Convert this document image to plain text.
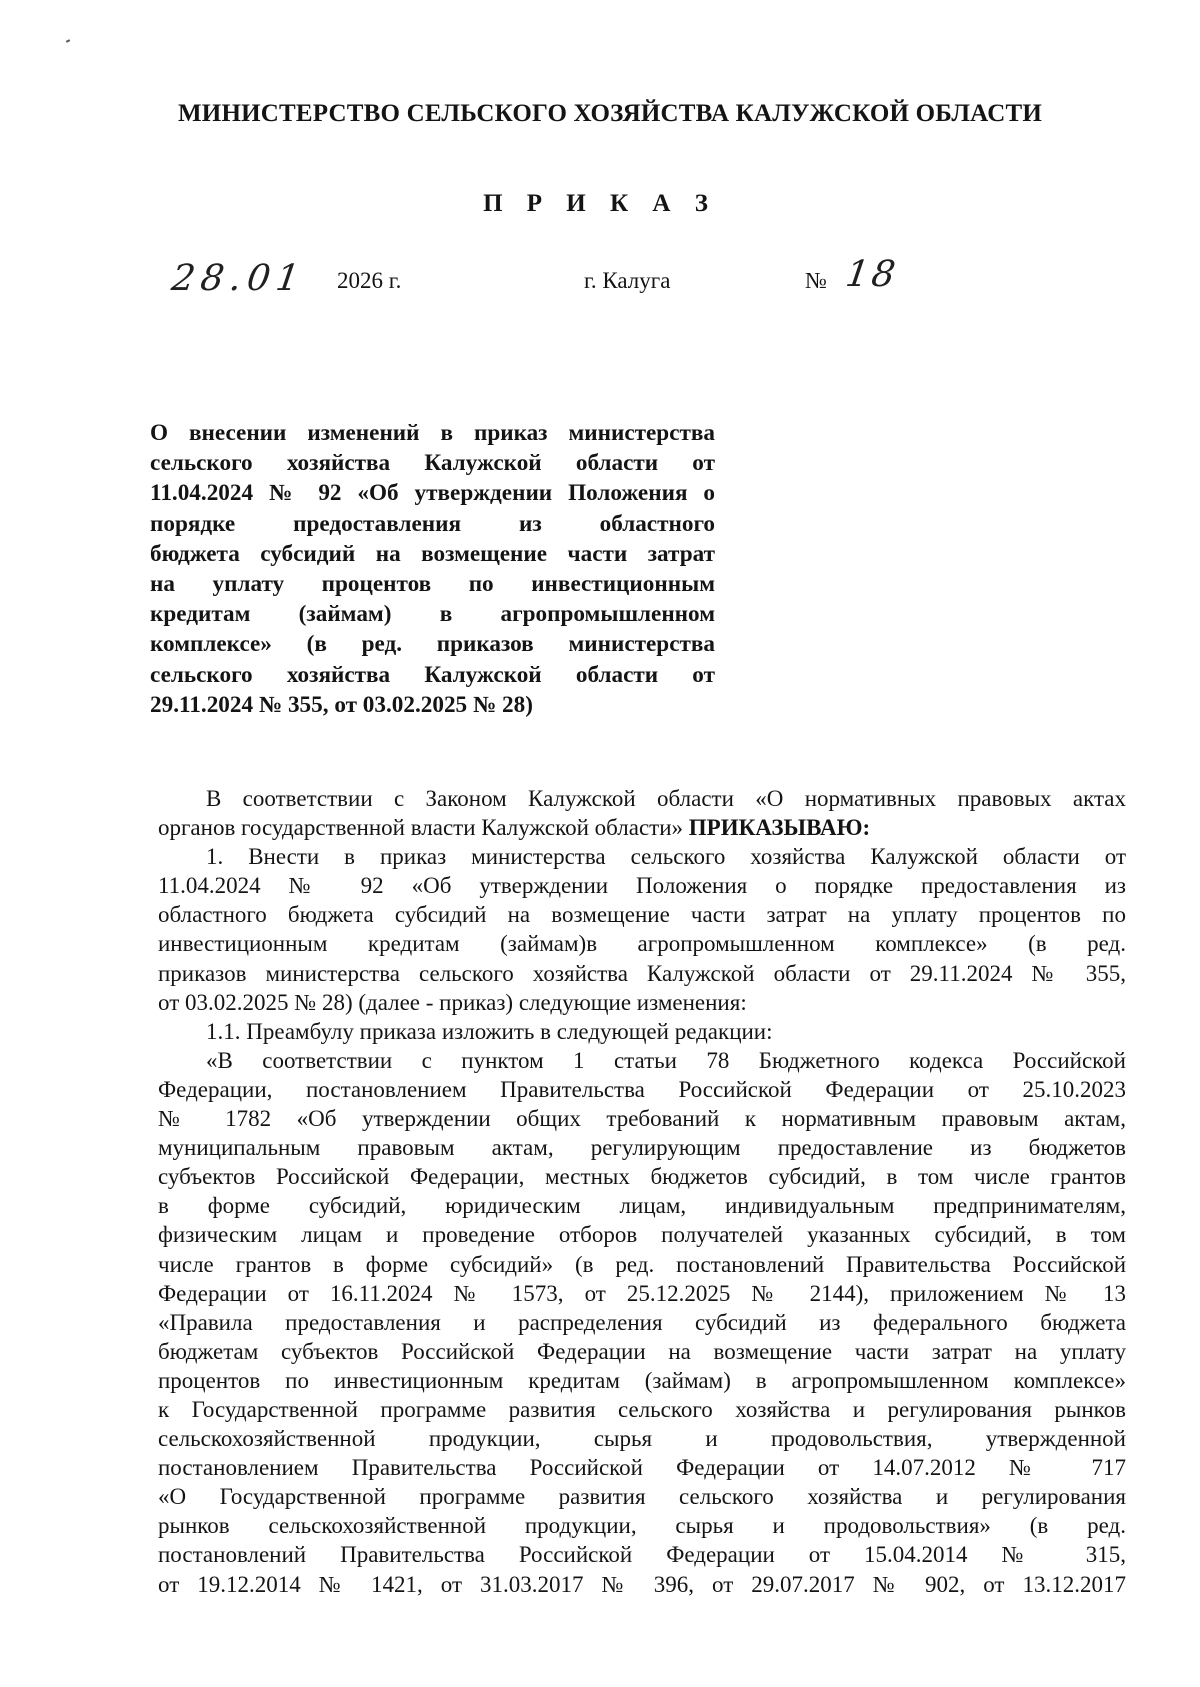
МИНИСТЕРСТВО СЕЛЬСКОГО ХОЗЯЙСТВА КАЛУЖСКОЙ ОБЛАСТИ
П Р И К А З
28.01 2026 г.	г. Калуга	№ 18
О внесении изменений в приказ министерства
сельского хозяйства Калужской области от
11.04.2024 № 92 «Об утверждении Положения о
порядке предоставления из областного
бюджета субсидий на возмещение части затрат
на уплату процентов по инвестиционным
кредитам (займам) в агропромышленном
комплексе» (в ред. приказов министерства
сельского хозяйства Калужской области от
29.11.2024 № 355, от 03.02.2025 № 28)
В соответствии с Законом Калужской области «О нормативных правовых актах
органов государственной власти Калужской области» ПРИКАЗЫВАЮ:
1. Внести в приказ министерства сельского хозяйства Калужской области от
11.04.2024 № 92 «Об утверждении Положения о порядке предоставления из
областного бюджета субсидий на возмещение части затрат на уплату процентов по
инвестиционным кредитам (займам)в агропромышленном комплексе» (в ред.
приказов министерства сельского хозяйства Калужской области от 29.11.2024 № 355,
от 03.02.2025 № 28) (далее - приказ) следующие изменения:
1.1. Преамбулу приказа изложить в следующей редакции:
«В соответствии с пунктом 1 статьи 78 Бюджетного кодекса Российской
Федерации, постановлением Правительства Российской Федерации от 25.10.2023
№ 1782 «Об утверждении общих требований к нормативным правовым актам,
муниципальным правовым актам, регулирующим предоставление из бюджетов
субъектов Российской Федерации, местных бюджетов субсидий, в том числе грантов
в форме субсидий, юридическим лицам, индивидуальным предпринимателям,
физическим лицам и проведение отборов получателей указанных субсидий, в том
числе грантов в форме субсидий» (в ред. постановлений Правительства Российской
Федерации от 16.11.2024 № 1573, от 25.12.2025 № 2144), приложением № 13
«Правила предоставления и распределения субсидий из федерального бюджета
бюджетам субъектов Российской Федерации на возмещение части затрат на уплату
процентов по инвестиционным кредитам (займам) в агропромышленном комплексе»
к Государственной программе развития сельского хозяйства и регулирования рынков
сельскохозяйственной продукции, сырья и продовольствия, утвержденной
постановлением Правительства Российской Федерации от 14.07.2012 № 717
«О Государственной программе развития сельского хозяйства и регулирования
рынков сельскохозяйственной продукции, сырья и продовольствия» (в ред.
постановлений Правительства Российской Федерации от 15.04.2014 № 315,
от 19.12.2014 № 1421, от 31.03.2017 № 396, от 29.07.2017 № 902, от 13.12.2017
